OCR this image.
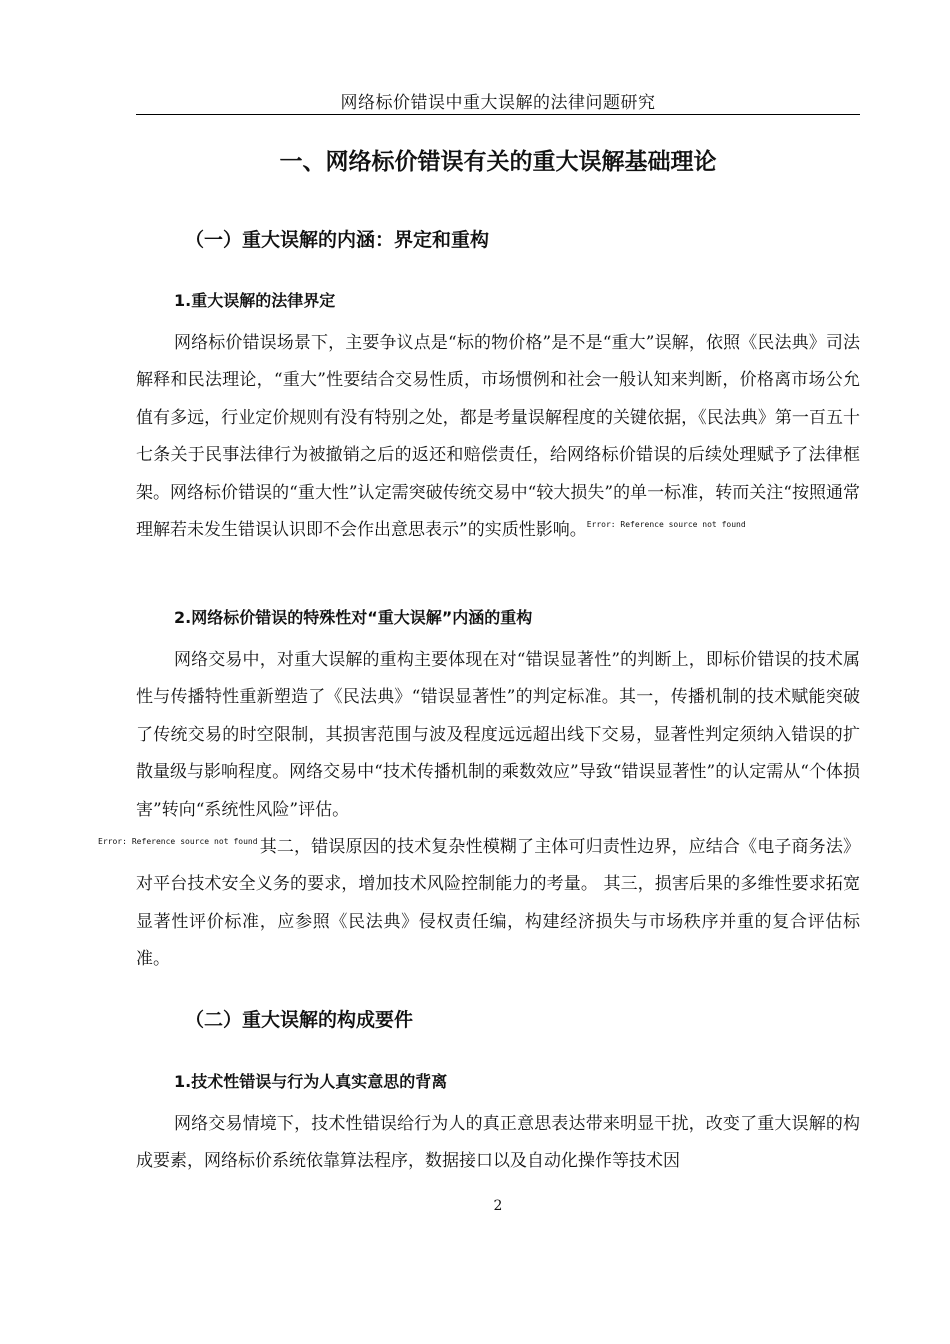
网络标价错误中重大误解的法律问题研究
一、网络标价错误有关的重大误解基础理论
（一）重大误解的内涵：界定和重构
1.重大误解的法律界定

网络标价错误场景下，主要争议点是“标的物价格”是不是“重大”误解，依照《民法典》司法解释和民法理论，“重大”性要结合交易性质，市场惯例和社会一般认知来判断，价格离市场公允值有多远，行业定价规则有没有特别之处，都是考量误解程度的关键依据，《民法典》第一百五十七条关于民事法律行为被撤销之后的返还和赔偿责任，给网络标价错误的后续处理赋予了法律框架。网络标价错误的“重大性”认定需突破传统交易中“较大损失”的单一标准，转而关注“按照通常理解若未发生错误认识即不会作出意思表示”的实质性影响。$^{Error: Reference source not found}$

2.网络标价错误的特殊性对“重大误解”内涵的重构

网络交易中，对重大误解的重构主要体现在对“错误显著性”的判断上，即标价错误的技术属性与传播特性重新塑造了《民法典》“错误显著性”的判定标准。其一，传播机制的技术赋能突破了传统交易的时空限制，其损害范围与波及程度远远超出线下交易，显著性判定须纳入错误的扩散量级与影响程度。网络交易中“技术传播机制的乘数效应”导致“错误显著性”的认定需从“个体损害”转向“系统性风险”评估。
$^{Error: Reference source not found}$ 其二，错误原因的技术复杂性模糊了主体可归责性边界，应结合《电子商务法》对平台技术安全义务的要求，增加技术风险控制能力的考量。 其三，损害后果的多维性要求拓宽显著性评价标准，应参照《民法典》侵权责任编，构建经济损失与市场秩序并重的复合评估标准。

（二）重大误解的构成要件
1.技术性错误与行为人真实意思的背离

网络交易情境下，技术性错误给行为人的真正意思表达带来明显干扰，改变了重大误解的构成要素，网络标价系统依靠算法程序，数据接口以及自动化操作等技术因

2
